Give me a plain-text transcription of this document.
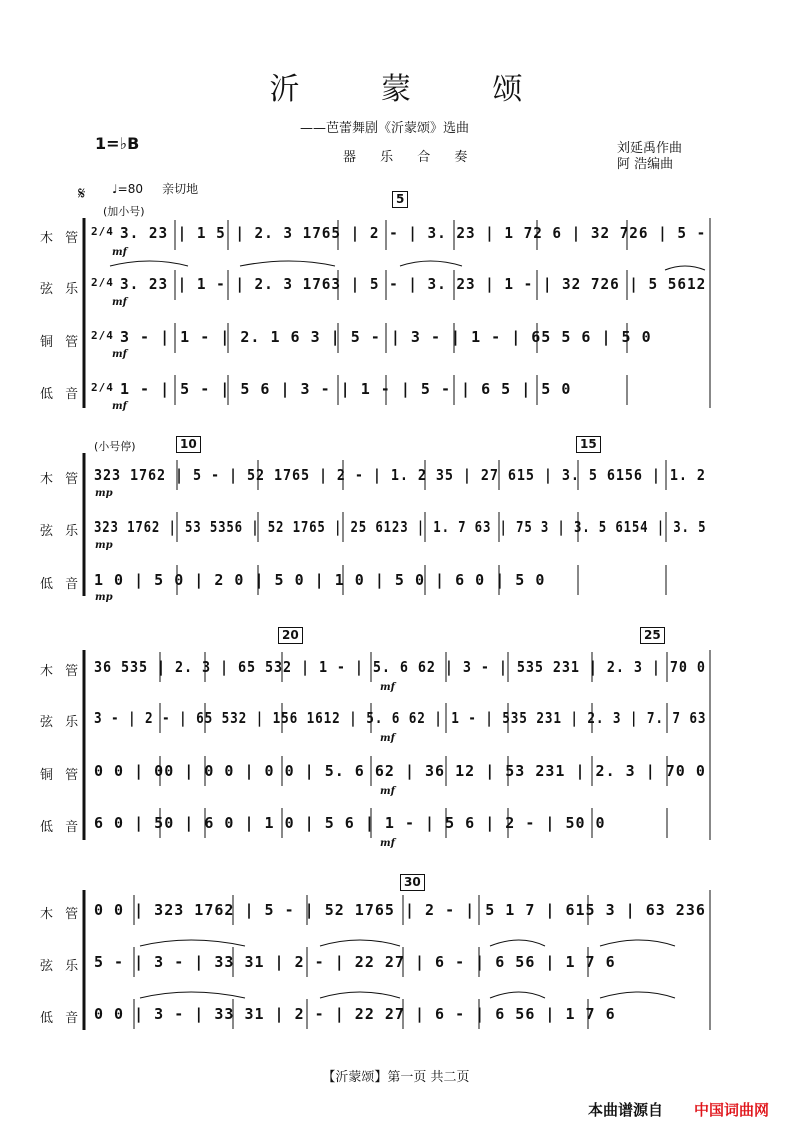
沂 蒙 颂
——芭蕾舞剧《沂蒙颂》选曲
1=♭B
器 乐 合 奏
刘延禹作曲
阿 浩编曲
𝄋 ♩=80 亲切地
(加小号)
(小号停)
5
10	15
20	25
30
木 管
弦 乐
铜 管
低 音
2/4
2/4
2/4
2/4
3. 23 | 1 5 | 2. 3 1765 | 2 - | 3. 23 | 1 72 6 | 32 726 | 5 -
3. 23 | 1 - | 2. 3 1763 | 5 - | 3. 23 | 1 - | 32 726 | 5 5612
3 - | 1 - | 2. 1 6 3 | 5 - | 3 - | 1 - | 65 5 6 | 5 0
1 - | 5 - | 5 6 | 3 - | 1 - | 5 - | 6 5 | 5 0
mf
mf
mf
mf
木 管
弦 乐
低 音
323 1762 | 5 - | 52 1765 | 2 - | 1. 2 35 | 27 615 | 3. 5 6156 | 1. 2
323 1762 | 53 5356 | 52 1765 | 25 6123 | 1. 7 63 | 75 3 | 3. 5 6154 | 3. 5
1 0 | 5 0 | 2 0 | 5 0 | 1 0 | 5 0 | 6 0 | 5 0
mp
mp
mp
木 管
弦 乐
铜 管
低 音
36 535 | 2. 3 | 65 532 | 1 - | 5. 6 62 | 3 - | 535 231 | 2. 3 | 70 0
3 - | 2 - | 65 532 | 156 1612 | 5. 6 62 | 1 - | 535 231 | 2. 3 | 7. 7 63
0 0 | 00 | 0 0 | 0 0 | 5. 6 62 | 36 12 | 53 231 | 2. 3 | 70 0
6 0 | 50 | 6 0 | 1 0 | 5 6 | 1 - | 5 6 | 2 - | 50 0
mf
mf
mf
mf
木 管
弦 乐
低 音
0 0 | 323 1762 | 5 - | 52 1765 | 2 - | 5 1 7 | 615 3 | 63 236
5 - | 3 - | 33 31 | 2 - | 22 27 | 6 - | 6 56 | 1 7 6
0 0 | 3 - | 33 31 | 2 - | 22 27 | 6 - | 6 56 | 1 7 6
【沂蒙颂】第一页 共二页
本曲谱源自 中国词曲网
